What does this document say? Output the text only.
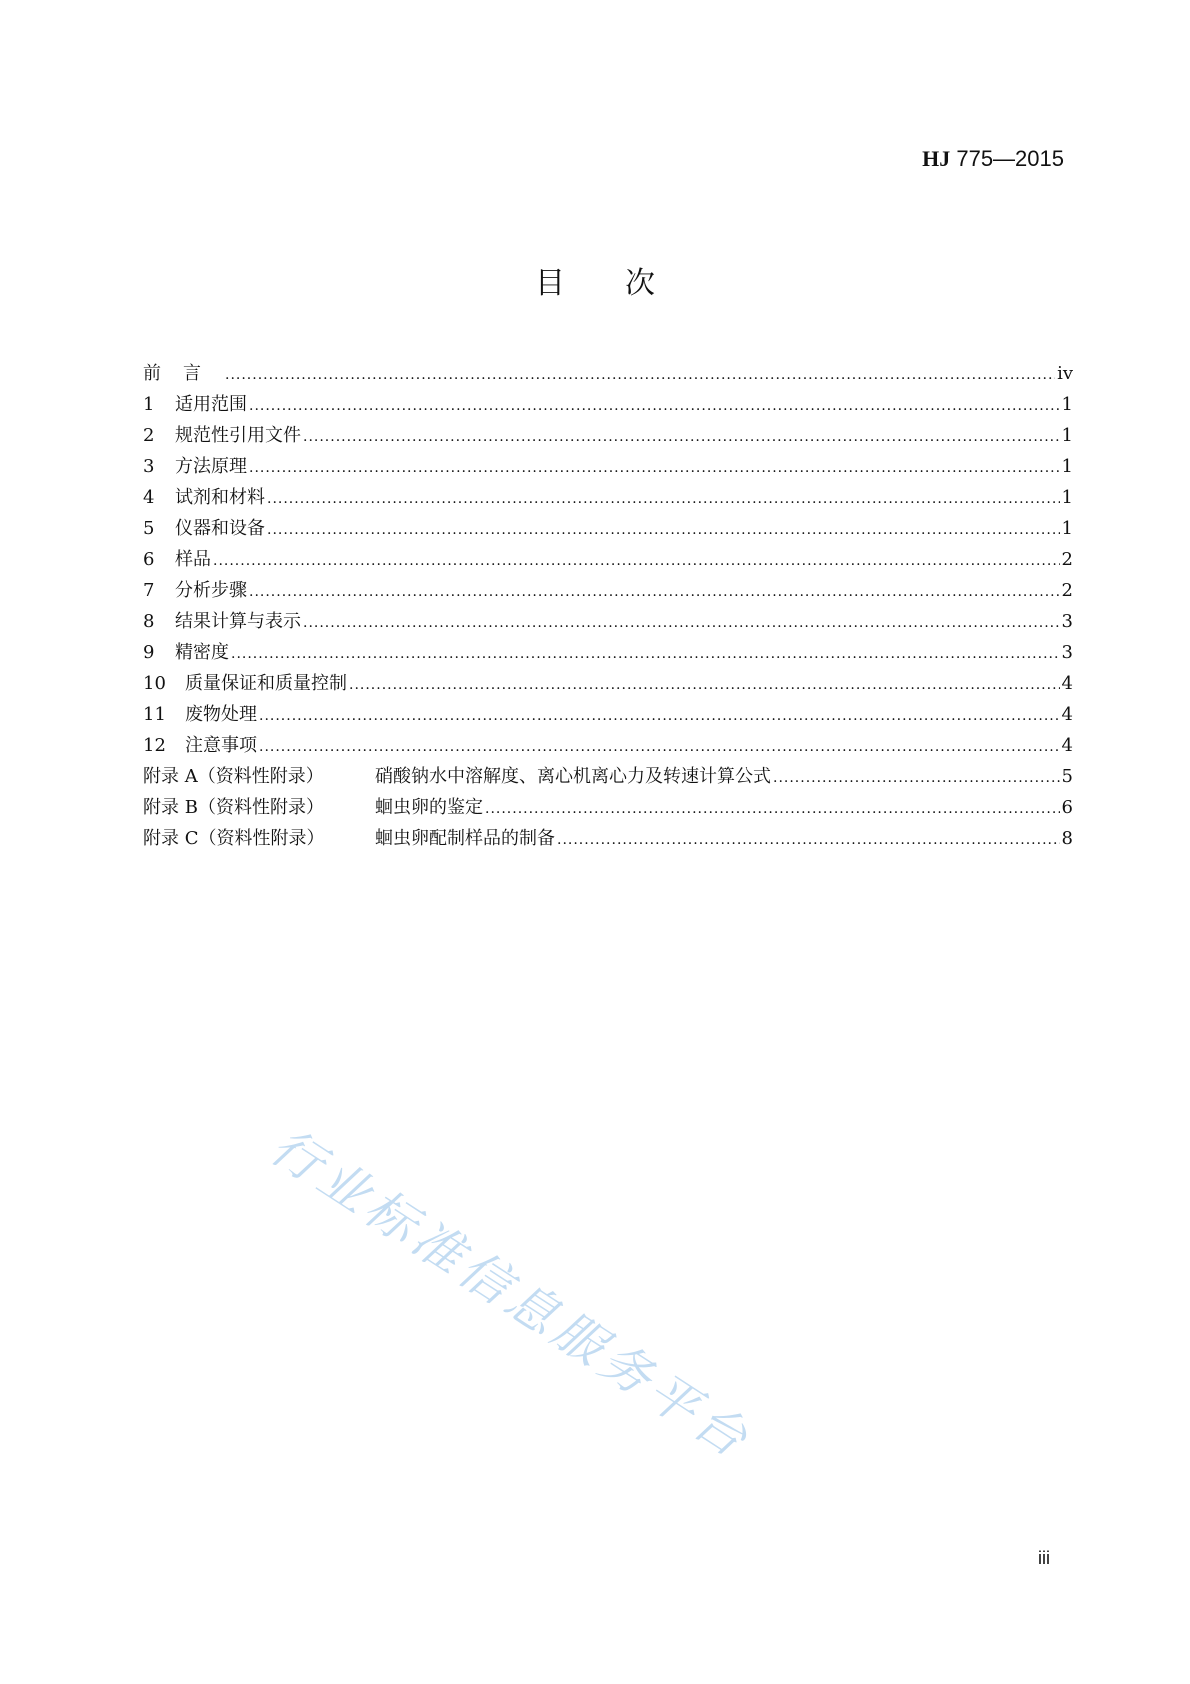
HJ 775—2015
目次
前言 .....	iv
1	适用范围 .....	1
2	规范性引用文件 .....	1
3	方法原理 .....	1
4	试剂和材料 .....	1
5	仪器和设备 .....	1
6	样品 .....	2
7	分析步骤 .....	2
8	结果计算与表示 .....	3
9	精密度 .....	3
10	质量保证和质量控制 .....	4
11	废物处理 .....	4
12	注意事项 .....	4
附录 A（资料性附录）	硝酸钠水中溶解度、离心机离心力及转速计算公式 .....	5
附录 B（资料性附录）	蛔虫卵的鉴定 .....	6
附录 C（资料性附录）	蛔虫卵配制样品的制备 .....	8
行业标准信息服务平台
iii
